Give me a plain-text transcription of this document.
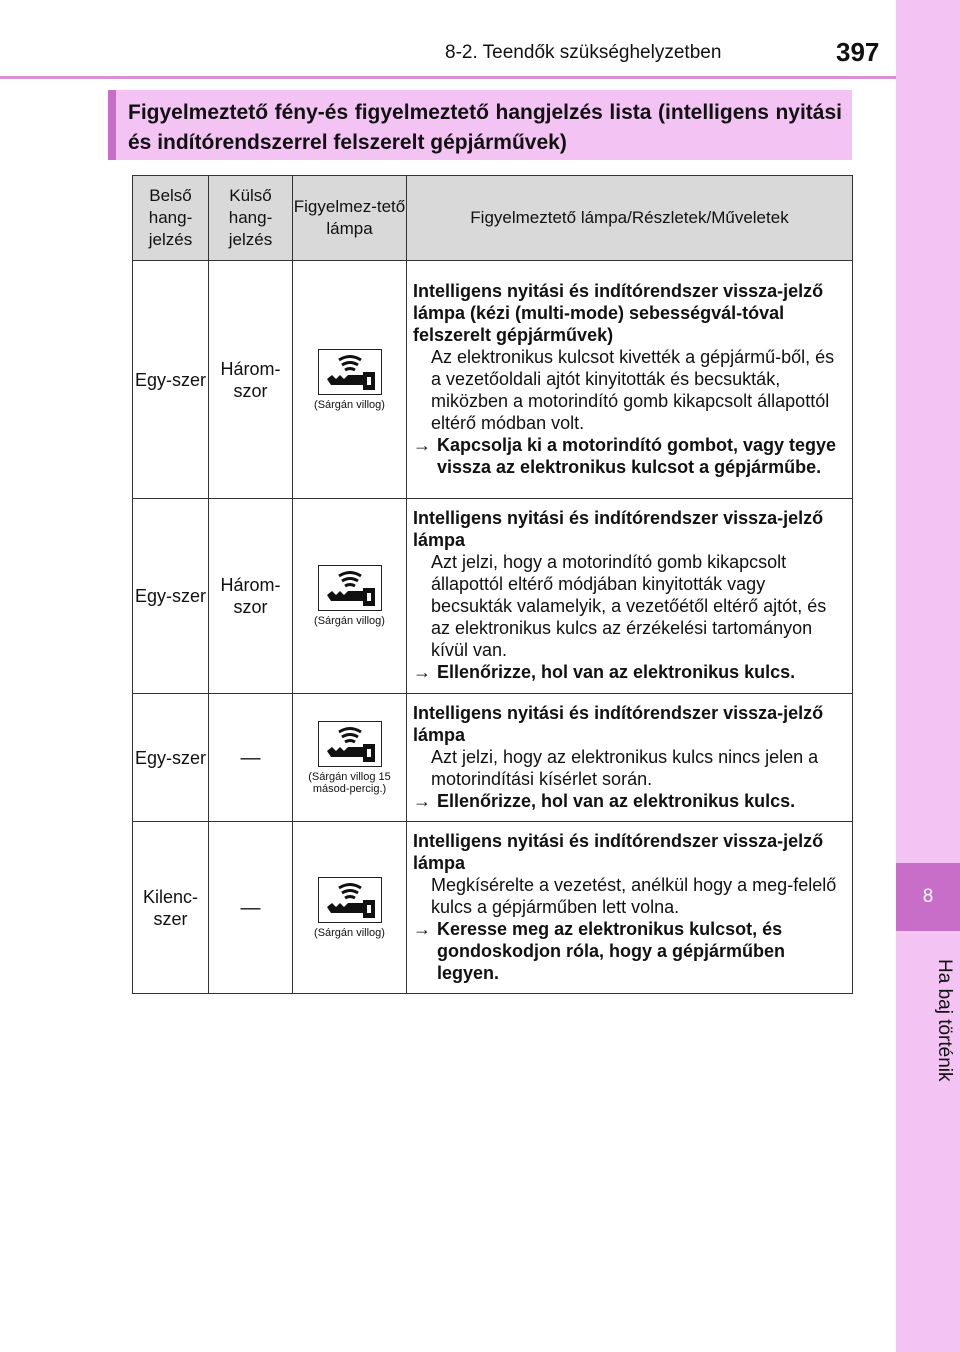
8-2. Teendők szükséghelyzetben	397
8
Ha baj történik
Figyelmeztető fény-és figyelmeztető hangjelzés lista (intelligens nyitási és indítórendszerrel felszerelt gépjárművek)
Belső hang-jelzés	Külső hang-jelzés	Figyelmez-tető lámpa	Figyelmeztető lámpa/Részletek/Műveletek
Egy-szer	Három-szor	(Sárgán villog)	Intelligens nyitási és indítórendszer vissza-jelző lámpa (kézi (multi-mode) sebességvál-tóval felszerelt gépjárművek)
Az elektronikus kulcsot kivették a gépjármű-ből, és a vezetőoldali ajtót kinyitották és becsukták, miközben a motorindító gomb kikapcsolt állapottól eltérő módban volt.
→ Kapcsolja ki a motorindító gombot, vagy tegye vissza az elektronikus kulcsot a gépjárműbe.

Egy-szer	Három-szor	(Sárgán villog)	Intelligens nyitási és indítórendszer vissza-jelző lámpa
Azt jelzi, hogy a motorindító gomb kikapcsolt állapottól eltérő módjában kinyitották vagy becsukták valamelyik, a vezetőétől eltérő ajtót, és az elektronikus kulcs az érzékelési tartományon kívül van.
→ Ellenőrizze, hol van az elektronikus kulcs.

Egy-szer	—	(Sárgán villog 15 másod-percig.)	Intelligens nyitási és indítórendszer vissza-jelző lámpa
Azt jelzi, hogy az elektronikus kulcs nincs jelen a motorindítási kísérlet során.
→ Ellenőrizze, hol van az elektronikus kulcs.

Kilenc-szer	—	(Sárgán villog)	Intelligens nyitási és indítórendszer vissza-jelző lámpa
Megkísérelte a vezetést, anélkül hogy a meg-felelő kulcs a gépjárműben lett volna.
→ Keresse meg az elektronikus kulcsot, és gondoskodjon róla, hogy a gépjárműben legyen.
